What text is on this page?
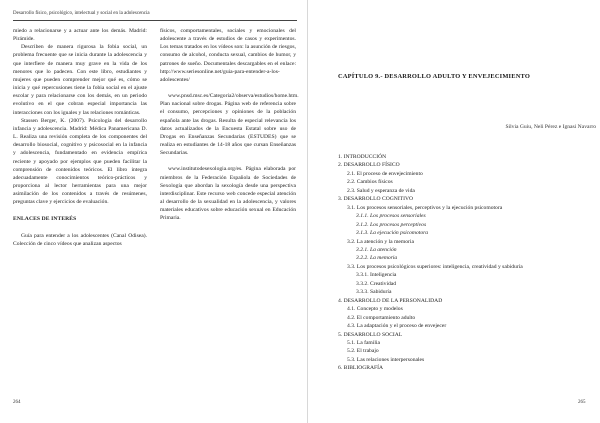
Desarrollo físico, psicológico, intelectual y social en la adolescencia

miedo a relacionarse y a actuar ante los demás. Madrid: Pirámide.

Describen de manera rigurosa la fobia social, un problema frecuente que se inicia durante la adolescencia y que interfiere de manera muy grave en la vida de los menores que lo padecen. Con este libro, estudiantes y mujeres que pueden comprender mejor qué es, cómo se inicia y qué repercusiones tiene la fobia social en el ajuste escolar y para relacionarse con los demás, en un periodo evolutivo en el que cobran especial importancia las interacciones con los iguales y las relaciones románticas.

Stassen Berger, K. (2007). Psicología del desarrollo infancia y adolescencia. Madrid: Médica Panamericana D. L. Realiza una revisión completa de los componentes del desarrollo biosocial, cognitivo y psicosocial en la infancia y adolescencia, fundamentado en evidencia empírica reciente y apoyado por ejemplos que pueden facilitar la comprensión de contenidos teóricos. El libro integra adecuadamente conocimientos teórico-prácticos y proporciona al lector herramientas para una mejor asimilación de los contenidos a través de resúmenes, preguntas clave y ejercicios de evaluación.

ENLACES DE INTERÉS

Guía para entender a los adolescentes (Canal Odisea). Colección de cinco vídeos que analizan aspectos

físicos, comportamentales, sociales y emocionales del adolescente a través de estudios de casos y experimentos. Los temas tratados en los vídeos son: la asunción de riesgos, consumo de alcohol, conducta sexual, cambios de humor, y patrones de sueño. Documentales descargables en el enlace: http://www.seriesonline.net/guia-para-entender-a-los-adolescentes/

www.pnsd.msc.es/Categoria2/observa/estudios/home.htm. Plan nacional sobre drogas. Página web de referencia sobre el consumo, percepciones y opiniones de la población española ante las drogas. Resulta de especial relevancia los datos actualizados de la Encuesta Estatal sobre uso de Drogas en Enseñanzas Secundarias (ESTUDES) que se realiza en estudiantes de 14-18 años que cursan Enseñanzas Secundarias.

www.institutodesexologia.org/es. Página elaborada por miembros de la Federación Española de Sociedades de Sexología que abordan la sexología desde una perspectiva interdisciplinar. Este recurso web concede especial atención al desarrollo de la sexualidad en la adolescencia, y valores materiales educativos sobre educación sexual en Educación Primaria.

264
CAPÍTULO 9.- DESARROLLO ADULTO Y ENVEJECIMIENTO
Silvia Guiu, Neli Pérez e Ignasi Navarro
1. INTRODUCCIÓN
2. DESARROLLO FÍSICO
2.1. El proceso de envejecimiento
2.2. Cambios físicos
2.3. Salud y esperanza de vida
3. DESARROLLO COGNITIVO
3.1. Los procesos sensoriales, perceptivos y la ejecución psicomotora
3.1.1. Los procesos sensoriales
3.1.2. Los procesos perceptivos
3.1.3. La ejecución psicomotora
3.2. La atención y la memoria
3.2.1. La atención
3.2.2. La memoria
3.3. Los procesos psicológicos superiores: inteligencia, creatividad y sabiduría
3.3.1. Inteligencia
3.3.2. Creatividad
3.3.3. Sabiduría
4. DESARROLLO DE LA PERSONALIDAD
4.1. Concepto y modelos
4.2. El comportamiento adulto
4.3. La adaptación y el proceso de envejecer
5. DESARROLLO SOCIAL
5.1. La familia
5.2. El trabajo
5.3. Las relaciones interpersonales
6. BIBLIOGRAFÍA
265
